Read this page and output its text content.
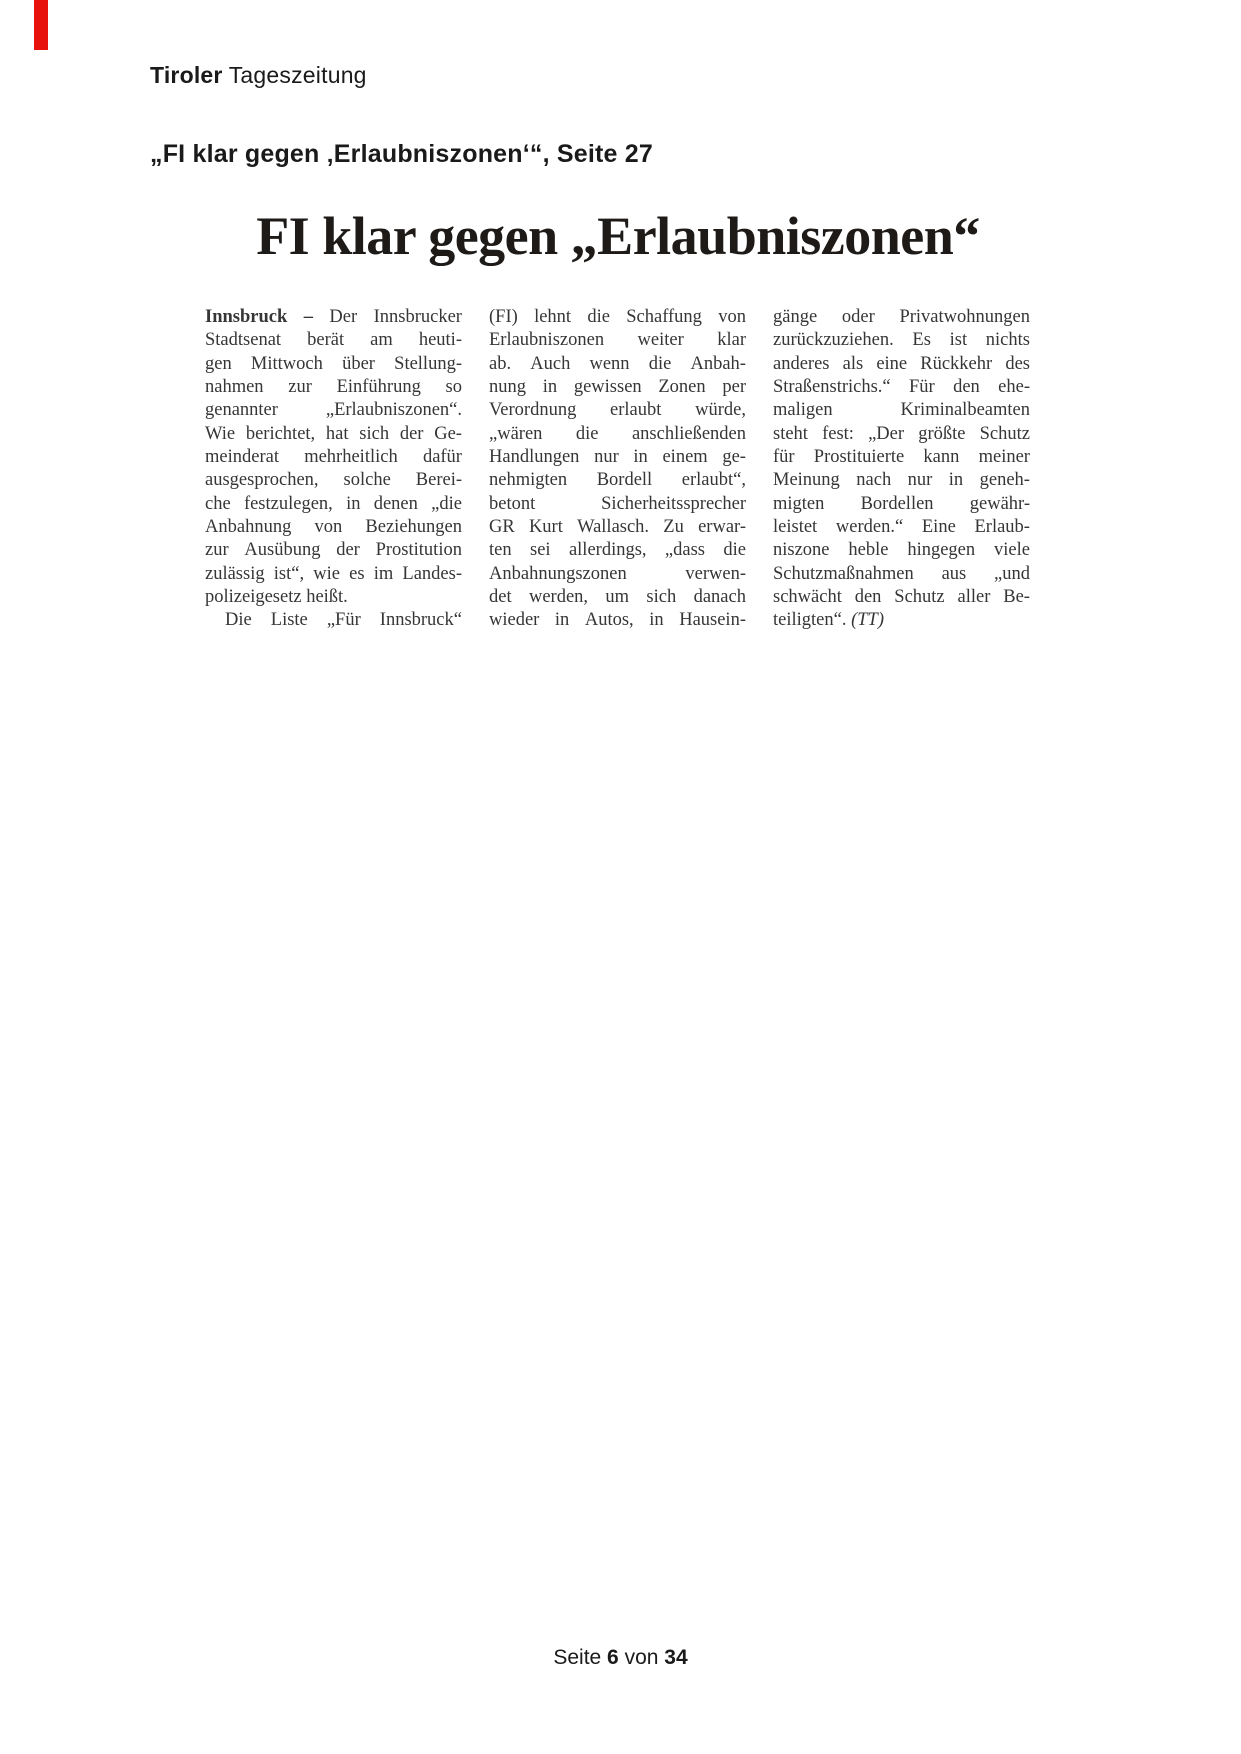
Tiroler Tageszeitung
„FI klar gegen ‚Erlaubniszonen‘“, Seite 27
FI klar gegen „Erlaubniszonen“
Innsbruck – Der Innsbrucker
Stadtsenat berät am heuti-
gen Mittwoch über Stellung-
nahmen zur Einführung so
genannter	„Erlaubniszonen“.
Wie berichtet, hat sich der Ge-
meinderat mehrheitlich dafür
ausgesprochen, solche Berei-
che festzulegen, in denen „die
Anbahnung von Beziehungen
zur Ausübung der Prostitution
zulässig ist“, wie es im Landes-
polizeigesetz heißt.
Die Liste „Für Innsbruck“
(FI) lehnt die Schaffung von
Erlaubniszonen weiter klar
ab. Auch wenn die Anbah-
nung in gewissen Zonen per
Verordnung erlaubt würde,
„wären die anschließenden
Handlungen nur in einem ge-
nehmigten Bordell erlaubt“,
betont	Sicherheitssprecher
GR Kurt Wallasch. Zu erwar-
ten sei allerdings, „dass die
Anbahnungszonen	verwen-
det werden, um sich danach
wieder in Autos, in Hausein-
gänge oder Privatwohnungen
zurückzuziehen. Es ist nichts
anderes als eine Rückkehr des
Straßenstrichs.“ Für den ehe-
maligen	Kriminalbeamten
steht fest: „Der größte Schutz
für Prostituierte kann meiner
Meinung nach nur in geneh-
migten Bordellen gewähr-
leistet werden.“ Eine Erlaub-
niszone heble hingegen viele
Schutzmaßnahmen aus „und
schwächt den Schutz aller Be-
teiligten“. (TT)
Seite 6 von 34
